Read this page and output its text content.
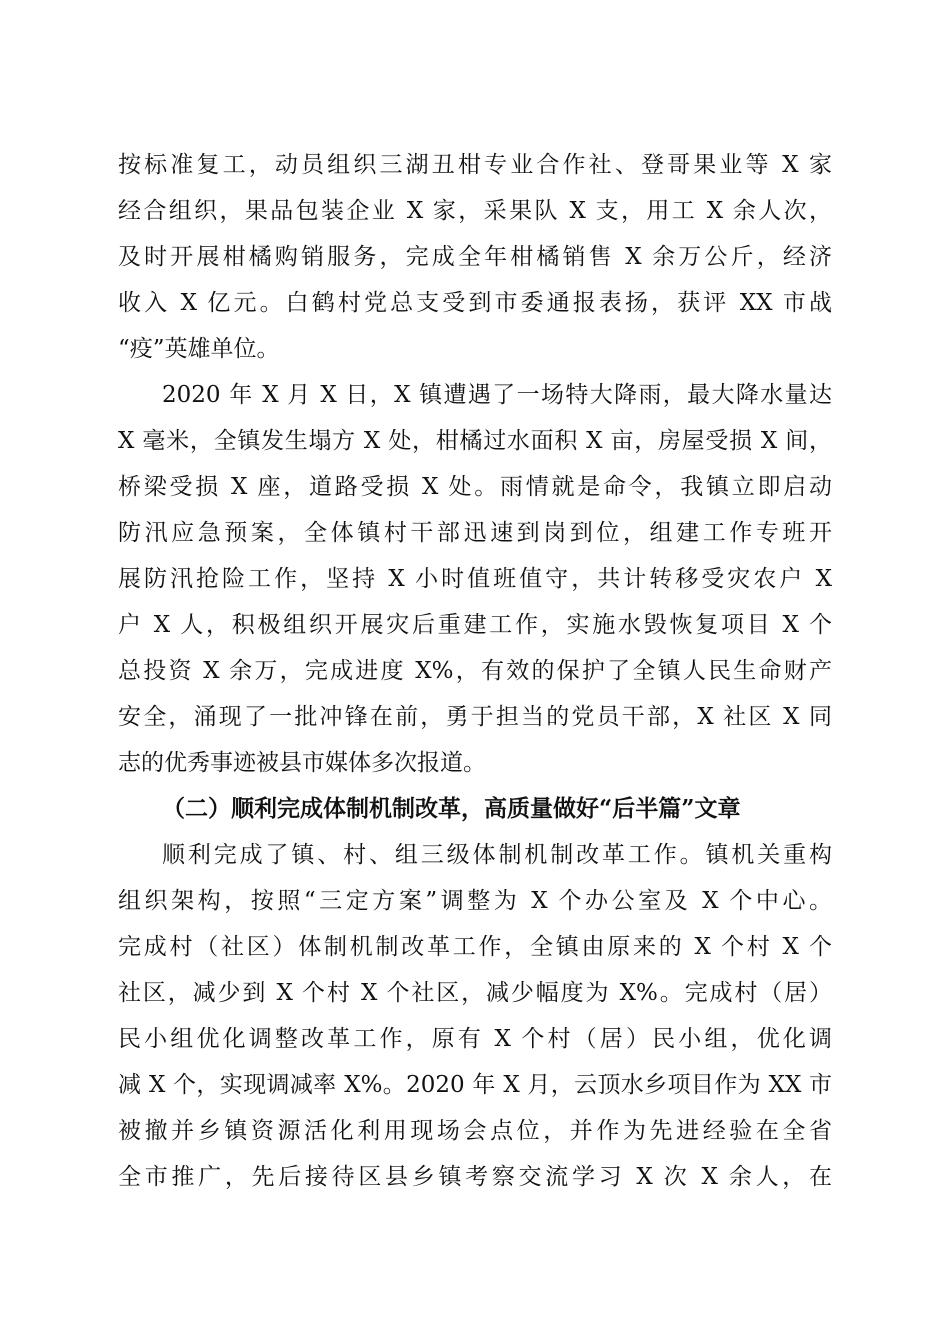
按标准复工，动员组织三湖丑柑专业合作社、登哥果业等 X 家
经合组织，果品包装企业 X 家，采果队 X 支，用工 X 余人次，
及时开展柑橘购销服务，完成全年柑橘销售 X 余万公斤，经济
收入 X 亿元。白鹤村党总支受到市委通报表扬，获评 XX 市战
“疫”英雄单位。
2020 年 X 月 X 日，X 镇遭遇了一场特大降雨，最大降水量达
X 毫米，全镇发生塌方 X 处，柑橘过水面积 X 亩，房屋受损 X 间，
桥梁受损 X 座，道路受损 X 处。雨情就是命令，我镇立即启动
防汛应急预案，全体镇村干部迅速到岗到位，组建工作专班开
展防汛抢险工作，坚持 X 小时值班值守，共计转移受灾农户 X
户 X 人，积极组织开展灾后重建工作，实施水毁恢复项目 X 个
总投资 X 余万，完成进度 X%，有效的保护了全镇人民生命财产
安全，涌现了一批冲锋在前，勇于担当的党员干部，X 社区 X 同
志的优秀事迹被县市媒体多次报道。
（二）顺利完成体制机制改革，高质量做好“后半篇”文章
顺利完成了镇、村、组三级体制机制改革工作。镇机关重构
组织架构，按照“三定方案”调整为 X 个办公室及 X 个中心。
完成村（社区）体制机制改革工作，全镇由原来的 X 个村 X 个
社区，减少到 X 个村 X 个社区，减少幅度为 X%。完成村（居）
民小组优化调整改革工作，原有 X 个村（居）民小组，优化调
减 X 个，实现调减率 X%。2020 年 X 月，云顶水乡项目作为 XX 市
被撤并乡镇资源活化利用现场会点位，并作为先进经验在全省
全市推广，先后接待区县乡镇考察交流学习 X 次 X 余人，在
